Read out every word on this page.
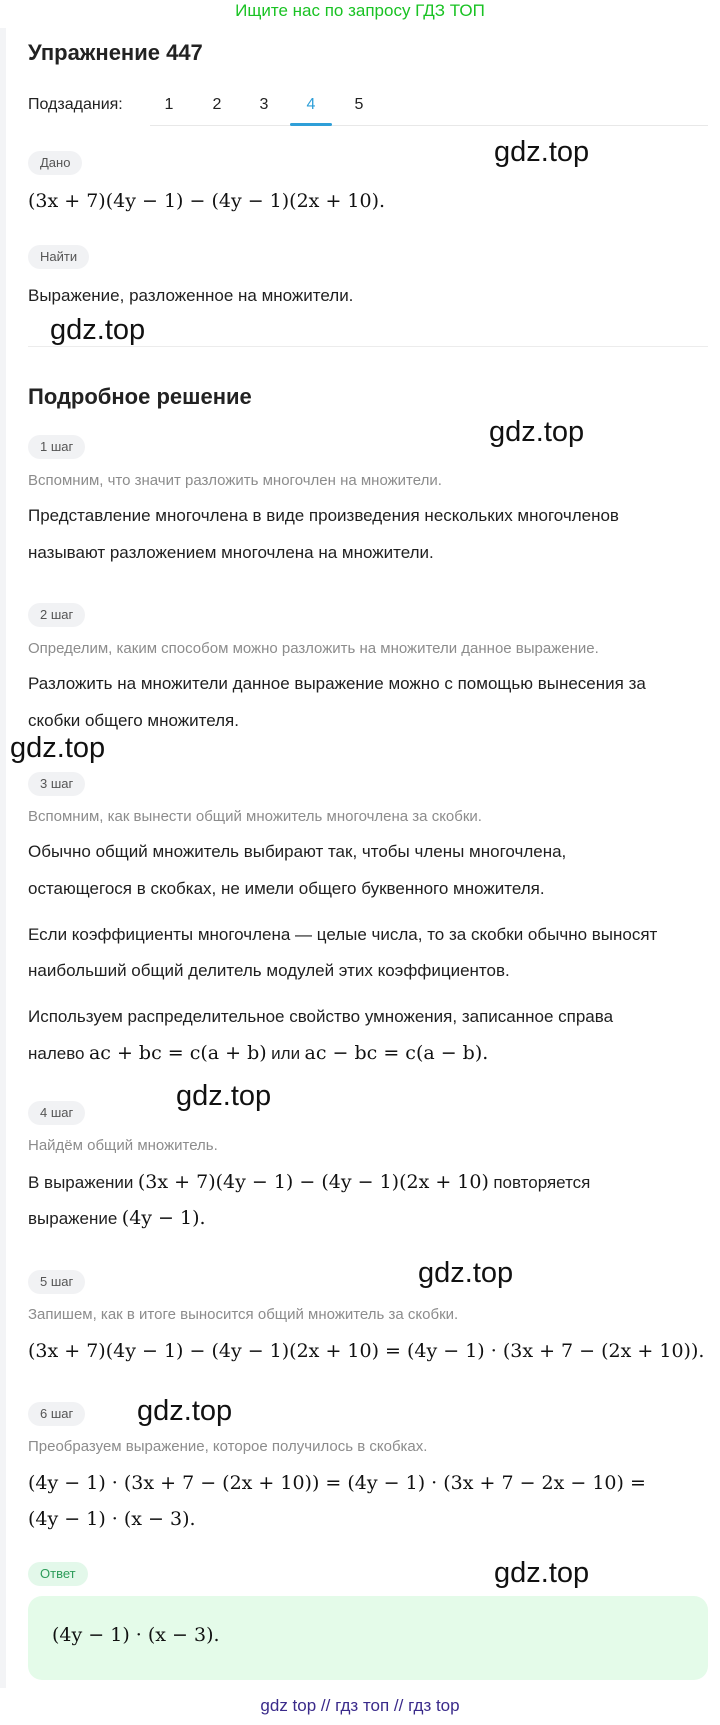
Ищите нас по запросу ГДЗ ТОП
Упражнение 447
Подзадания:	1	2	3	4	5
Дано
(3x + 7)(4y − 1) − (4y − 1)(2x + 10).
Найти
Выражение, разложенное на множители.
Подробное решение
1 шаг
Вспомним, что значит разложить многочлен на множители.
Представление многочлена в виде произведения нескольких многочленов
называют разложением многочлена на множители.
2 шаг
Определим, каким способом можно разложить на множители данное выражение.
Разложить на множители данное выражение можно с помощью вынесения за
скобки общего множителя.
3 шаг
Вспомним, как вынести общий множитель многочлена за скобки.
Обычно общий множитель выбирают так, чтобы члены многочлена,
остающегося в скобках, не имели общего буквенного множителя.
Если коэффициенты многочлена — целые числа, то за скобки обычно выносят
наибольший общий делитель модулей этих коэффициентов.
Используем распределительное свойство умножения, записанное справа
налево ac + bc = c(a + b) или ac − bc = c(a − b).
4 шаг
Найдём общий множитель.
В выражении (3x + 7)(4y − 1) − (4y − 1)(2x + 10) повторяется
выражение (4y − 1).
5 шаг
Запишем, как в итоге выносится общий множитель за скобки.
(3x + 7)(4y − 1) − (4y − 1)(2x + 10) = (4y − 1) · (3x + 7 − (2x + 10)).
6 шаг
Преобразуем выражение, которое получилось в скобках.
(4y − 1) · (3x + 7 − (2x + 10)) = (4y − 1) · (3x + 7 − 2x − 10) =
(4y − 1) · (x − 3).
Ответ
(4y − 1) · (x − 3).
gdz.top
gdz.top
gdz.top
gdz.top
gdz.top
gdz.top
gdz.top
gdz.top
gdz top // гдз топ // гдз top
